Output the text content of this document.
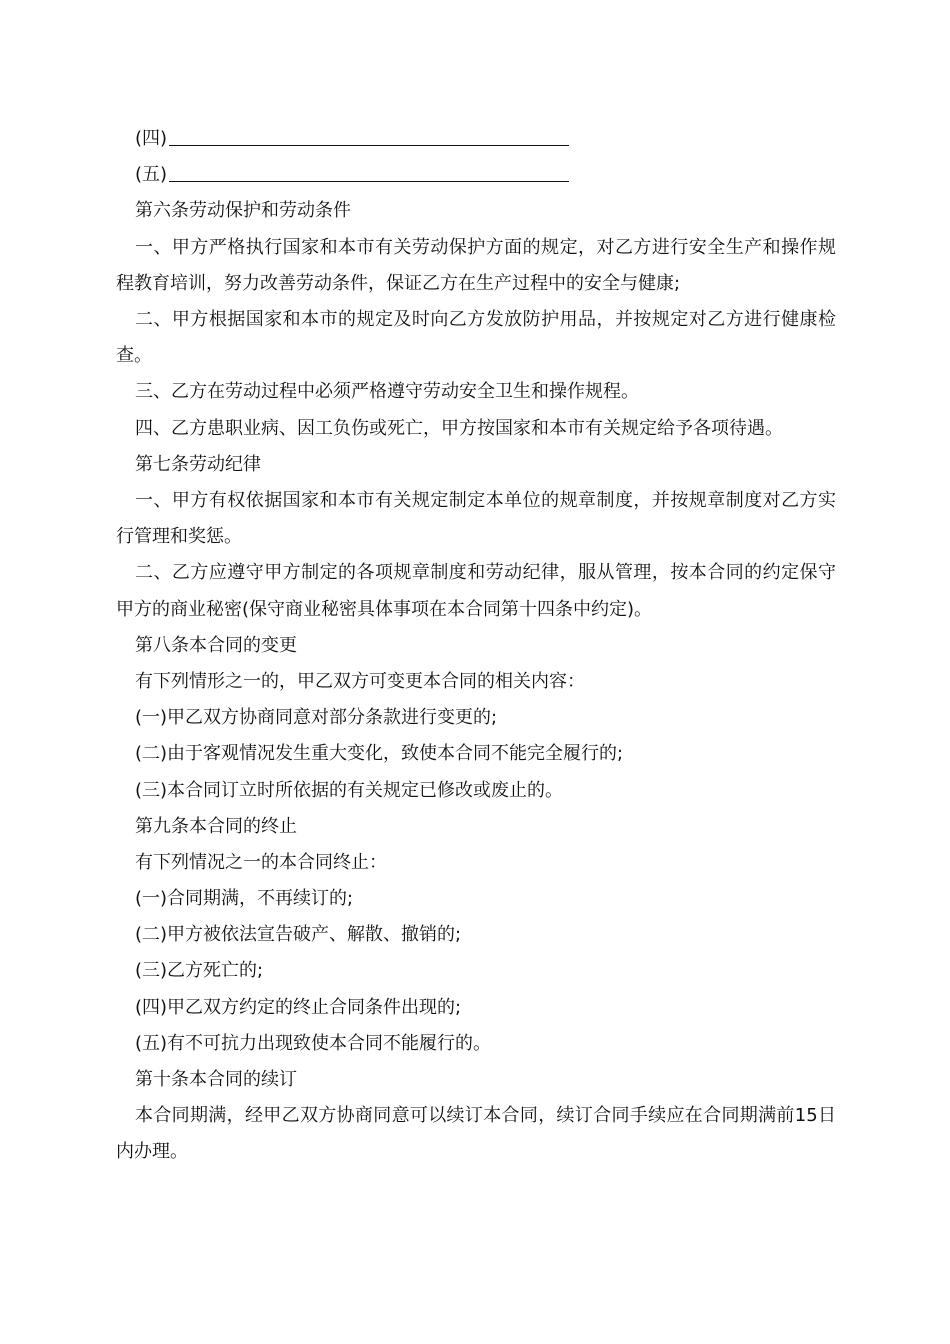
(四)
(五)
第六条劳动保护和劳动条件
一、甲方严格执行国家和本市有关劳动保护方面的规定，对乙方进行安全生产和操作规程教育培训，努力改善劳动条件，保证乙方在生产过程中的安全与健康;
二、甲方根据国家和本市的规定及时向乙方发放防护用品，并按规定对乙方进行健康检查。
三、乙方在劳动过程中必须严格遵守劳动安全卫生和操作规程。
四、乙方患职业病、因工负伤或死亡，甲方按国家和本市有关规定给予各项待遇。
第七条劳动纪律
一、甲方有权依据国家和本市有关规定制定本单位的规章制度，并按规章制度对乙方实行管理和奖惩。
二、乙方应遵守甲方制定的各项规章制度和劳动纪律，服从管理，按本合同的约定保守甲方的商业秘密(保守商业秘密具体事项在本合同第十四条中约定)。
第八条本合同的变更
有下列情形之一的，甲乙双方可变更本合同的相关内容：
(一)甲乙双方协商同意对部分条款进行变更的;
(二)由于客观情况发生重大变化，致使本合同不能完全履行的;
(三)本合同订立时所依据的有关规定已修改或废止的。
第九条本合同的终止
有下列情况之一的本合同终止：
(一)合同期满，不再续订的;
(二)甲方被依法宣告破产、解散、撤销的;
(三)乙方死亡的;
(四)甲乙双方约定的终止合同条件出现的;
(五)有不可抗力出现致使本合同不能履行的。
第十条本合同的续订
本合同期满，经甲乙双方协商同意可以续订本合同，续订合同手续应在合同期满前15日内办理。
